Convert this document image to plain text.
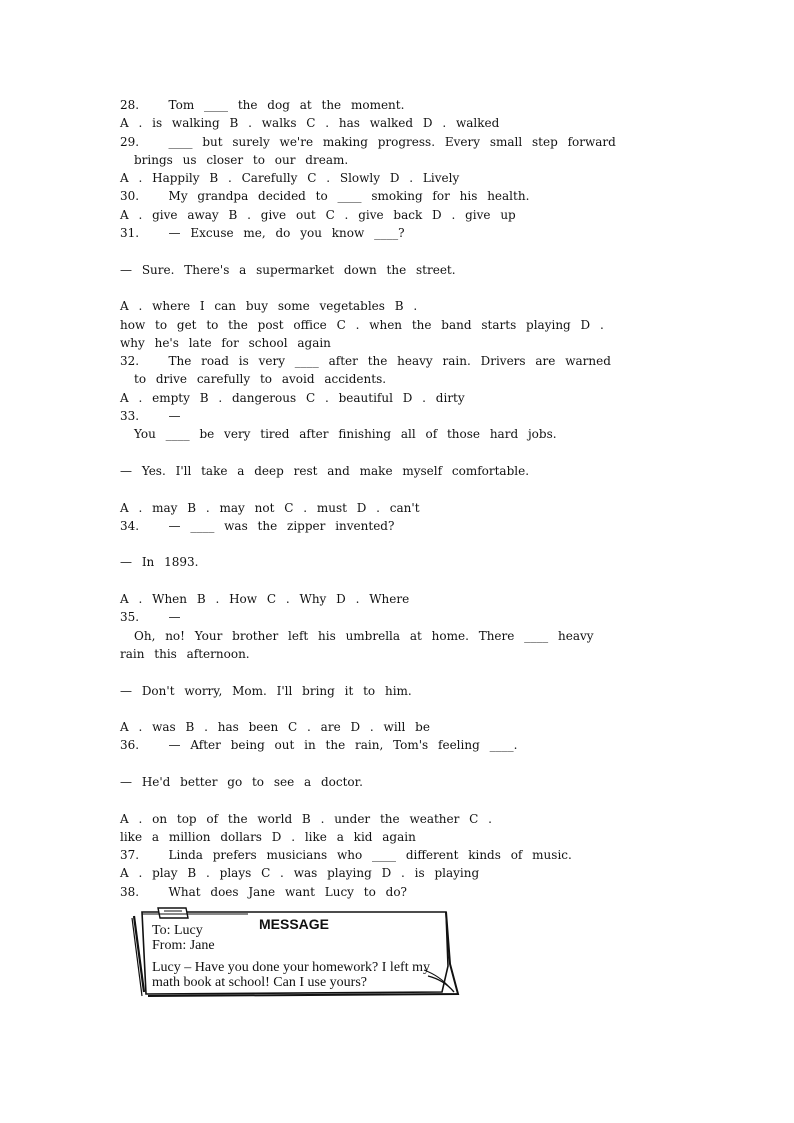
28.   Tom ____ the dog at the moment.
A . is walking B . walks C . has walked D . walked
29.   ____ but surely we're making progress. Every small step forward
brings us closer to our dream.
A . Happily B . Carefully C . Slowly D . Lively
30.   My grandpa decided to ____ smoking for his health.
A . give away B . give out C . give back D . give up
31.   — Excuse me, do you know ____?
— Sure. There's a supermarket down the street.
A . where I can buy some vegetables B .
how to get to the post office C . when the band starts playing D .
why he's late for school again
32.   The road is very ____ after the heavy rain. Drivers are warned
to drive carefully to avoid accidents.
A . empty B . dangerous C . beautiful D . dirty
33.   —
You ____ be very tired after finishing all of those hard jobs.
— Yes. I'll take a deep rest and make myself comfortable.
A . may B . may not C . must D . can't
34.   — ____ was the zipper invented?
— In 1893.
A . When B . How C . Why D . Where
35.   —
Oh, no! Your brother left his umbrella at home. There ____ heavy
rain this afternoon.
— Don't worry, Mom. I'll bring it to him.
A . was B . has been C . are D . will be
36.   — After being out in the rain, Tom's feeling ____.
— He'd better go to see a doctor.
A . on top of the world B . under the weather C .
like a million dollars D . like a kid again
37.   Linda prefers musicians who ____ different kinds of music.
A . play B . plays C . was playing D . is playing
38.   What does Jane want Lucy to do?
MESSAGE
To: Lucy
From: Jane
Lucy – Have you done your homework? I left my
math book at school! Can I use yours?
